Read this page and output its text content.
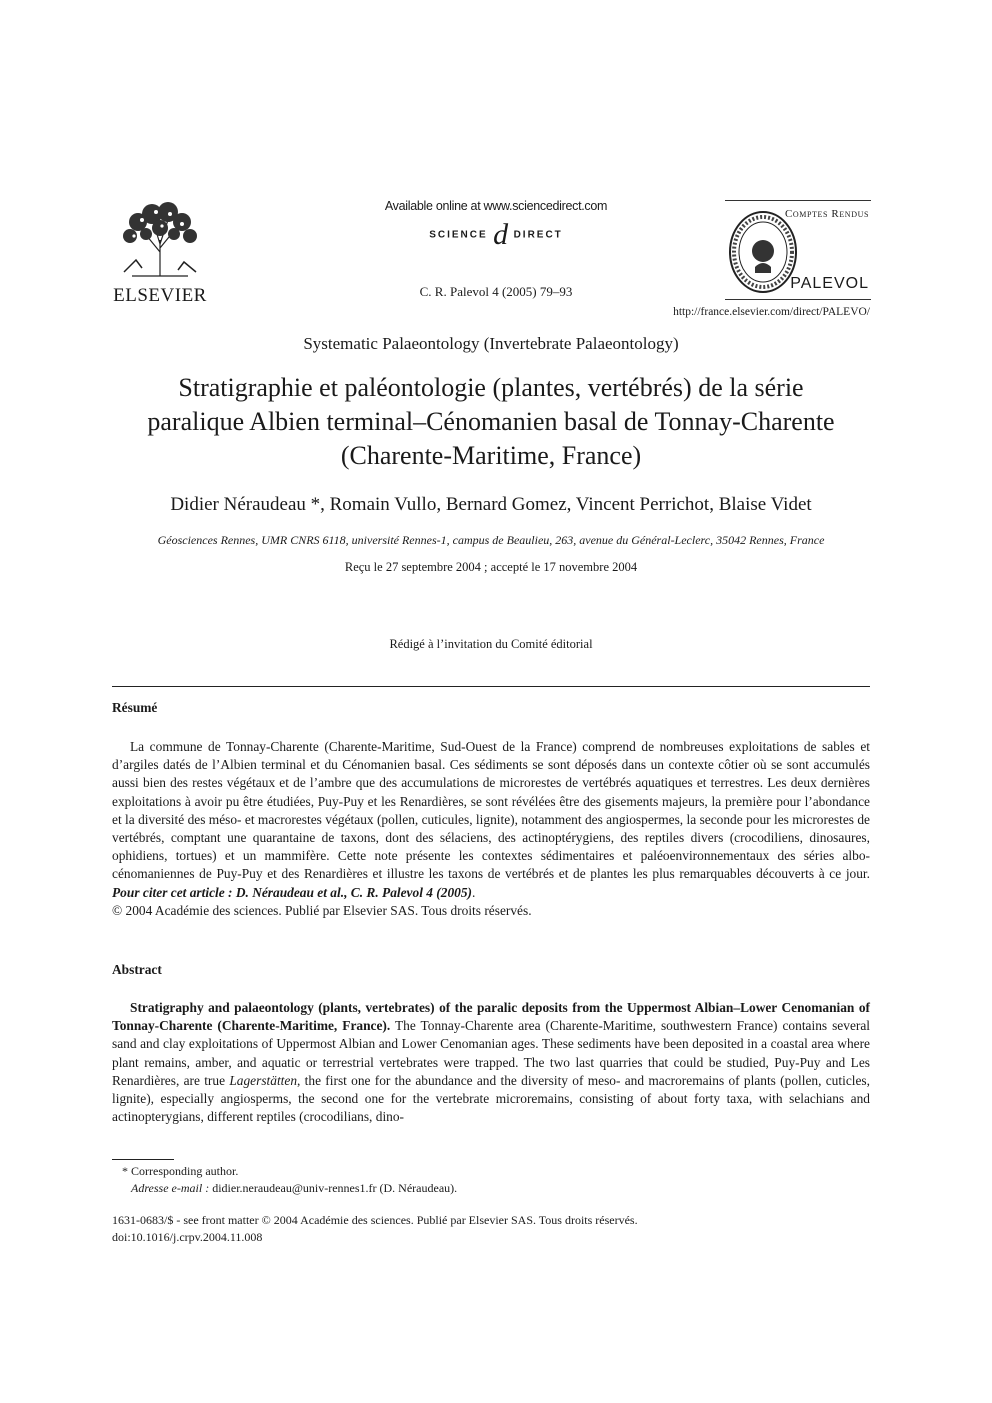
ELSEVIER
Available online at www.sciencedirect.com
SCIENCE d DIRECT
C. R. Palevol 4 (2005) 79–93
Comptes Rendus
PALEVOL
http://france.elsevier.com/direct/PALEVO/
Systematic Palaeontology (Invertebrate Palaeontology)
Stratigraphie et paléontologie (plantes, vertébrés) de la série
paralique Albien terminal–Cénomanien basal de Tonnay-Charente
(Charente-Maritime, France)
Didier Néraudeau *, Romain Vullo, Bernard Gomez, Vincent Perrichot, Blaise Videt
Géosciences Rennes, UMR CNRS 6118, université Rennes-1, campus de Beaulieu, 263, avenue du Général-Leclerc, 35042 Rennes, France
Reçu le 27 septembre 2004 ; accepté le 17 novembre 2004
Rédigé à l’invitation du Comité éditorial
Résumé
La commune de Tonnay-Charente (Charente-Maritime, Sud-Ouest de la France) comprend de nombreuses exploitations de sables et d’argiles datés de l’Albien terminal et du Cénomanien basal. Ces sédiments se sont déposés dans un contexte côtier où se sont accumulés aussi bien des restes végétaux et de l’ambre que des accumulations de microrestes de vertébrés aquatiques et terrestres. Les deux dernières exploitations à avoir pu être étudiées, Puy-Puy et les Renardières, se sont révélées être des gisements majeurs, la première pour l’abondance et la diversité des méso- et macrorestes végétaux (pollen, cuticules, lignite), notamment des angiospermes, la seconde pour les microrestes de vertébrés, comptant une quarantaine de taxons, dont des sélaciens, des actinoptérygiens, des reptiles divers (crocodiliens, dinosaures, ophidiens, tortues) et un mammifère. Cette note présente les contextes sédimentaires et paléoenvironnementaux des séries albo-cénomaniennes de Puy-Puy et des Renardières et illustre les taxons de vertébrés et de plantes les plus remarquables découverts à ce jour. Pour citer cet article : D. Néraudeau et al., C. R. Palevol 4 (2005).
© 2004 Académie des sciences. Publié par Elsevier SAS. Tous droits réservés.
Abstract
Stratigraphy and palaeontology (plants, vertebrates) of the paralic deposits from the Uppermost Albian–Lower Cenomanian of Tonnay-Charente (Charente-Maritime, France). The Tonnay-Charente area (Charente-Maritime, southwestern France) contains several sand and clay exploitations of Uppermost Albian and Lower Cenomanian ages. These sediments have been deposited in a coastal area where plant remains, amber, and aquatic or terrestrial vertebrates were trapped. The two last quarries that could be studied, Puy-Puy and Les Renardières, are true Lagerstätten, the first one for the abundance and the diversity of meso- and macroremains of plants (pollen, cuticles, lignite), especially angiosperms, the second one for the vertebrate microremains, consisting of about forty taxa, with selachians and actinopterygians, different reptiles (crocodilians, dino-
* Corresponding author.
Adresse e-mail : didier.neraudeau@univ-rennes1.fr (D. Néraudeau).
1631-0683/$ - see front matter © 2004 Académie des sciences. Publié par Elsevier SAS. Tous droits réservés.
doi:10.1016/j.crpv.2004.11.008
